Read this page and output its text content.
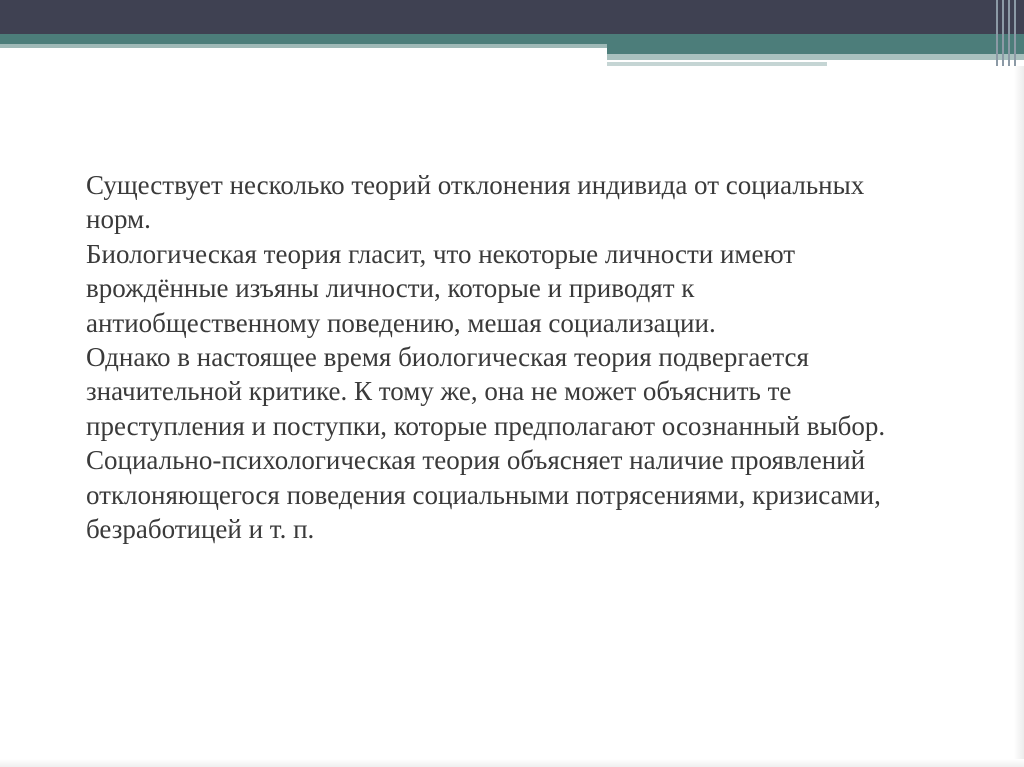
Существует несколько теорий отклонения индивида от социальных норм.

Биологическая теория гласит, что некоторые личности имеют врождённые изъяны личности, которые и приводят к антиобщественному поведению, мешая социализации.

Однако в настоящее время биологическая теория подвергается значительной критике. К тому же, она не может объяснить те преступления и поступки, которые предполагают осознанный выбор.

Социально-психологическая теория объясняет наличие проявлений отклоняющегося поведения социальными потрясениями, кризисами, безработицей и т. п.
